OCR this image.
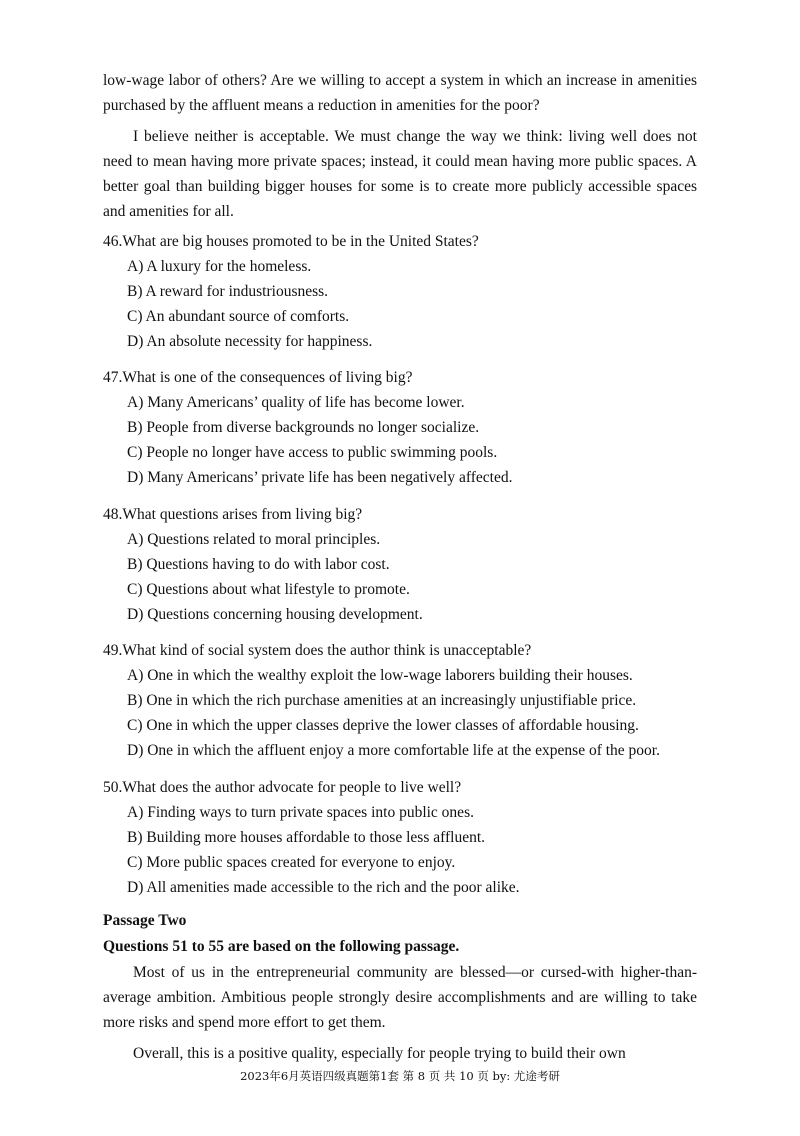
low-wage labor of others? Are we willing to accept a system in which an increase in amenities purchased by the affluent means a reduction in amenities for the poor?

I believe neither is acceptable. We must change the way we think: living well does not need to mean having more private spaces; instead, it could mean having more public spaces. A better goal than building bigger houses for some is to create more publicly accessible spaces and amenities for all.

46.What are big houses promoted to be in the United States?

A) A luxury for the homeless.

B) A reward for industriousness.

C) An abundant source of comforts.

D) An absolute necessity for happiness.

47.What is one of the consequences of living big?

A) Many Americans’ quality of life has become lower.

B) People from diverse backgrounds no longer socialize.

C) People no longer have access to public swimming pools.

D) Many Americans’ private life has been negatively affected.

48.What questions arises from living big?

A) Questions related to moral principles.

B) Questions having to do with labor cost.

C) Questions about what lifestyle to promote.

D) Questions concerning housing development.

49.What kind of social system does the author think is unacceptable?

A) One in which the wealthy exploit the low-wage laborers building their houses.

B) One in which the rich purchase amenities at an increasingly unjustifiable price.

C) One in which the upper classes deprive the lower classes of affordable housing.

D) One in which the affluent enjoy a more comfortable life at the expense of the poor.

50.What does the author advocate for people to live well?

A) Finding ways to turn private spaces into public ones.

B) Building more houses affordable to those less affluent.

C) More public spaces created for everyone to enjoy.

D) All amenities made accessible to the rich and the poor alike.

Passage Two

Questions 51 to 55 are based on the following passage.

Most of us in the entrepreneurial community are blessed—or cursed-with higher-than-average ambition. Ambitious people strongly desire accomplishments and are willing to take more risks and spend more effort to get them.

Overall, this is a positive quality, especially for people trying to build their own

2023年6月英语四级真题第1套 第 8 页 共 10 页 by: 尤途考研
